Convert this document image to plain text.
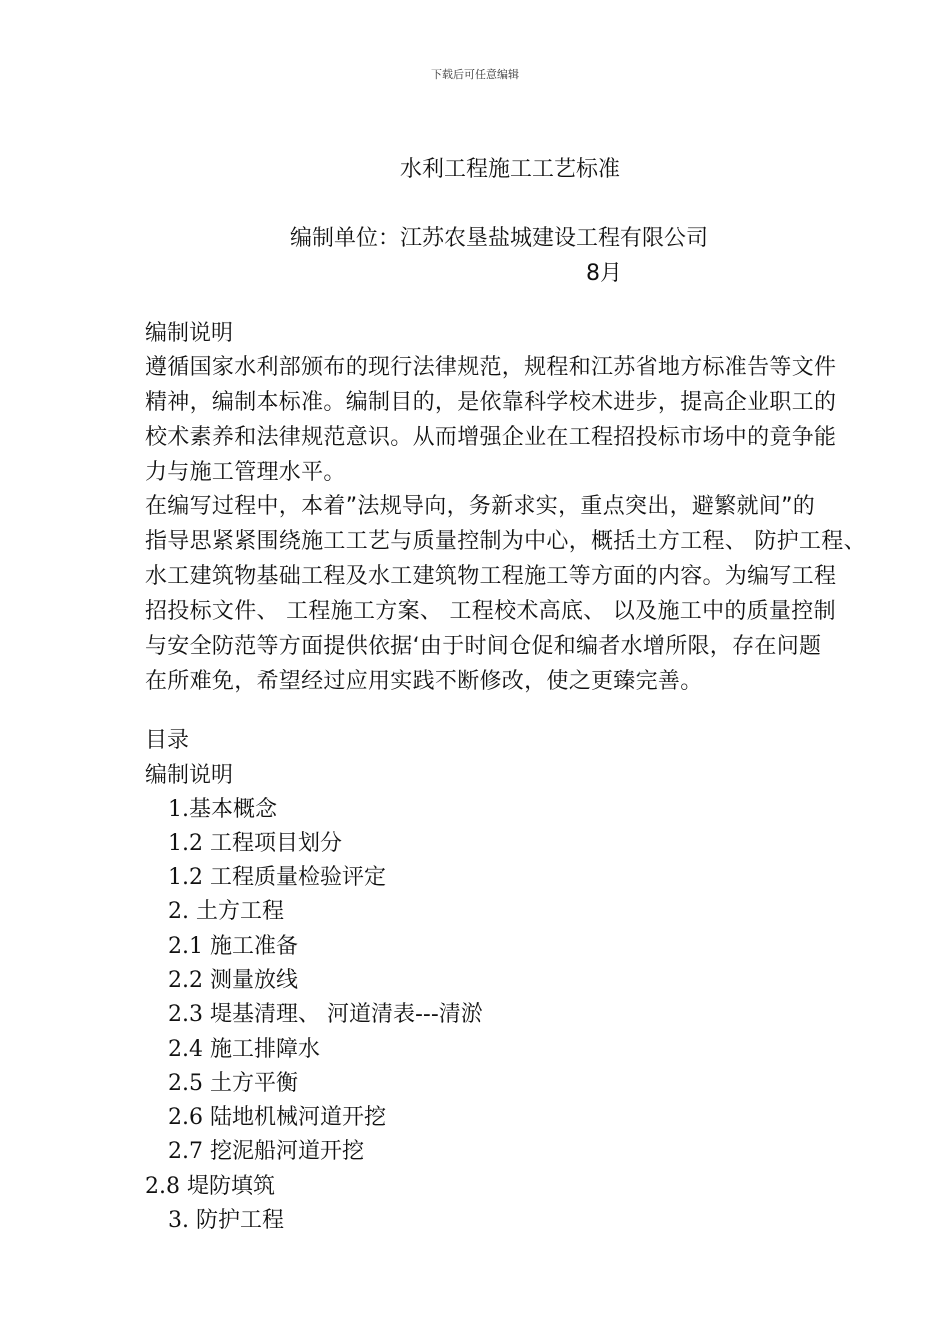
下载后可任意编辑
水利工程施工工艺标准
编制单位：江苏农垦盐城建设工程有限公司
8月
编制说明
遵循国家水利部颁布的现行法律规范，规程和江苏省地方标准告等文件
精神，编制本标准。编制目的，是依靠科学校术进步，提高企业职工的
校术素养和法律规范意识。从而增强企业在工程招投标市场中的竟争能
力与施工管理水平。
在编写过程中，本着”法规导向，务新求实，重点突出，避繁就间”的
指导思紧紧围绕施工工艺与质量控制为中心，概括土方工程、 防护工程、
水工建筑物基础工程及水工建筑物工程施工等方面的内容。为编写工程
招投标文件、 工程施工方案、 工程校术高底、 以及施工中的质量控制
与安全防范等方面提供依据‘由于时间仓促和编者水增所限，存在问题
在所难免，希望经过应用实践不断修改，使之更臻完善。
目录
编制说明
1.基本概念
1.2 工程项目划分
1.2 工程质量检验评定
2. 土方工程
2.1 施工准备
2.2 测量放线
2.3 堤基清理、 河道清表---清淤
2.4 施工排障水
2.5 土方平衡
2.6 陆地机械河道开挖
2.7 挖泥船河道开挖
2.8 堤防填筑
3. 防护工程
